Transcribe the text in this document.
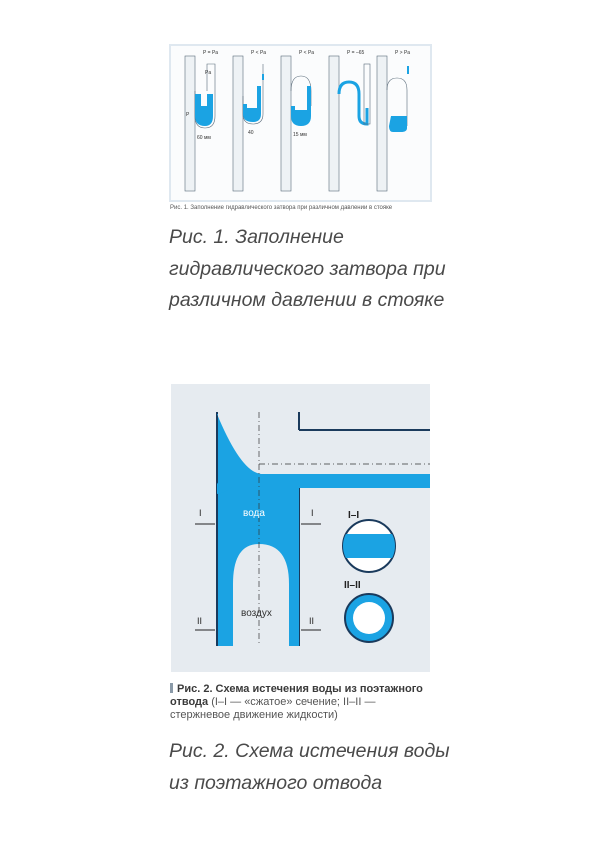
P = Pa
Pa
P
60 мм
P < Pa
40
P < Pa
15 мм
P = –65	P > Pa
Рис. 1. Заполнение гидравлического затвора при различном давлении в стояке
Рис. 1. Заполнение гидравлического затвора при различном давлении в стояке
вода
воздух
I	I
II	II
I–I
II–II
Рис. 2. Схема истечения воды из поэтажного отвода (I–I — «сжатое» сечение; II–II — стержневое движение жидкости)
Рис. 2. Схема истечения воды из поэтажного отвода
